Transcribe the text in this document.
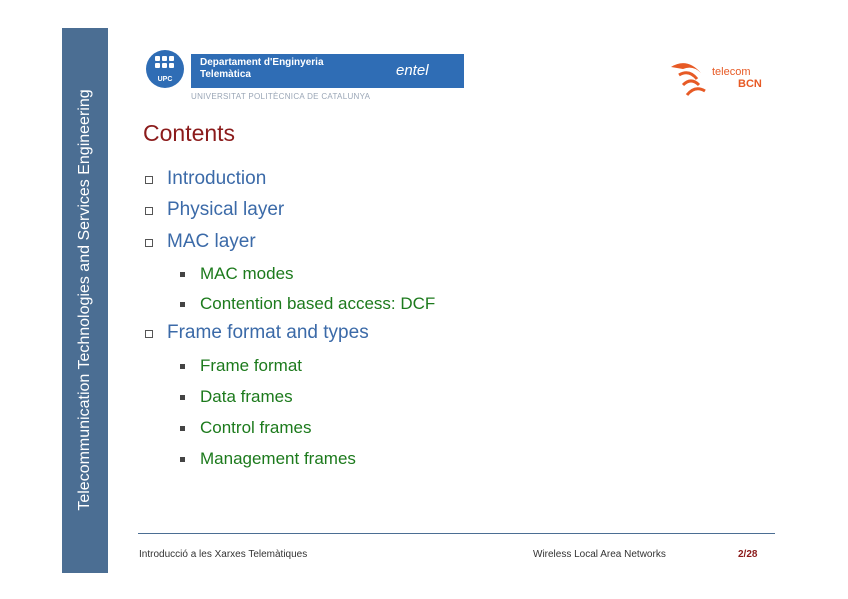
Telecommunication Technologies and Services Engineering
UPC
Departament d'Enginyeria Telemàtica	entel
UNIVERSITAT POLITÈCNICA DE CATALUNYA
telecom
BCN
Contents
Introduction
Physical layer
MAC layer
MAC modes
Contention based access: DCF
Frame format and types
Frame format
Data frames
Control frames
Management frames
Introducció a les Xarxes Telemàtiques	Wireless Local Area Networks	2/28
